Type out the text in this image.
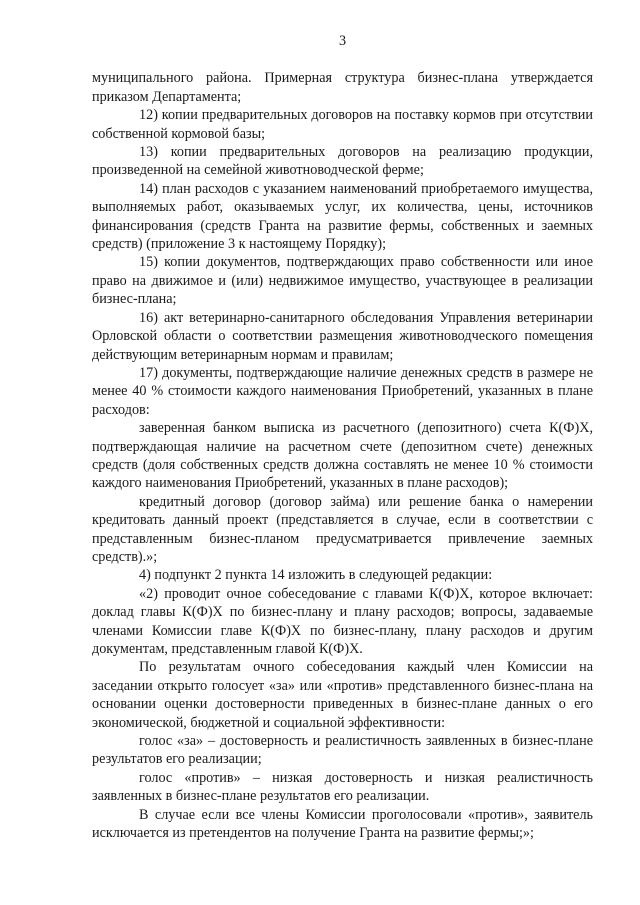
3

муниципального района. Примерная структура бизнес-плана утверждается приказом Департамента;

12) копии предварительных договоров на поставку кормов при отсутствии собственной кормовой базы;

13) копии предварительных договоров на реализацию продукции, произведенной на семейной животноводческой ферме;

14) план расходов с указанием наименований приобретаемого имущества, выполняемых работ, оказываемых услуг, их количества, цены, источников финансирования (средств Гранта на развитие фермы, собственных и заемных средств) (приложение 3 к настоящему Порядку);

15) копии документов, подтверждающих право собственности или иное право на движимое и (или) недвижимое имущество, участвующее в реализации бизнес-плана;

16) акт ветеринарно-санитарного обследования Управления ветеринарии Орловской области о соответствии размещения животноводческого помещения действующим ветеринарным нормам и правилам;

17) документы, подтверждающие наличие денежных средств в размере не менее 40 % стоимости каждого наименования Приобретений, указанных в плане расходов:

заверенная банком выписка из расчетного (депозитного) счета К(Ф)Х, подтверждающая наличие на расчетном счете (депозитном счете) денежных средств (доля собственных средств должна составлять не менее 10 % стоимости каждого наименования Приобретений, указанных в плане расходов);

кредитный договор (договор займа) или решение банка о намерении кредитовать данный проект (представляется в случае, если в соответствии с представленным бизнес-планом предусматривается привлечение заемных средств).»;

4) подпункт 2 пункта 14 изложить в следующей редакции:

«2) проводит очное собеседование с главами К(Ф)Х, которое включает: доклад главы К(Ф)Х по бизнес-плану и плану расходов; вопросы, задаваемые членами Комиссии главе К(Ф)Х по бизнес-плану, плану расходов и другим документам, представленным главой К(Ф)Х.

По результатам очного собеседования каждый член Комиссии на заседании открыто голосует «за» или «против» представленного бизнес-плана на основании оценки достоверности приведенных в бизнес-плане данных о его экономической, бюджетной и социальной эффективности:

голос «за» – достоверность и реалистичность заявленных в бизнес-плане результатов его реализации;

голос «против» – низкая достоверность и низкая реалистичность заявленных в бизнес-плане результатов его реализации.

В случае если все члены Комиссии проголосовали «против», заявитель исключается из претендентов на получение Гранта на развитие фермы;»;
